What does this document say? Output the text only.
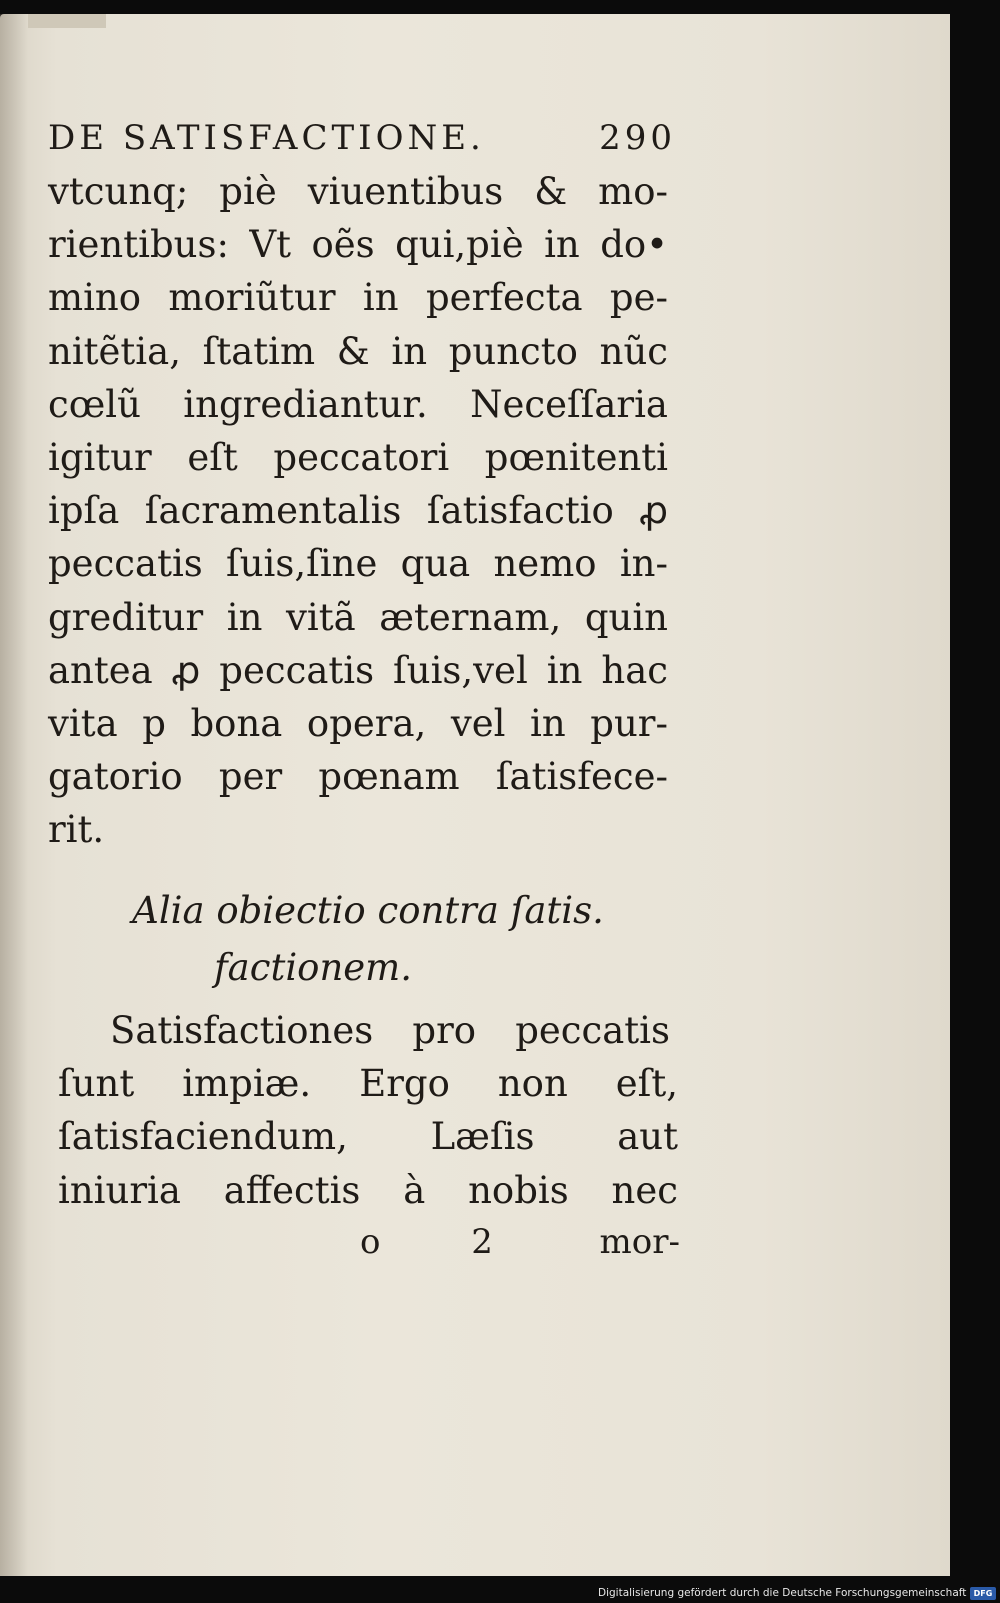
DE SATISFACTIONE.	290
vtcunq; piè viuentibus & mo-
rientibus: Vt oẽs qui,piè in do•
mino moriũtur in perfecta pe-
nitẽtia, ſtatim & in puncto nũc
cœlũ ingrediantur. Neceſſaria
igitur eſt peccatori pœnitenti
ipſa ſacramentalis ſatisfactio ꝓ
peccatis ſuis,ſine qua nemo in-
greditur in vitã æternam, quin
antea ꝓ peccatis ſuis,vel in hac
vita p bona opera, vel in pur-
gatorio per pœnam ſatisfece-
rit.
Alia obiectio contra ſatis.
factionem.
Satisfactiones pro peccatis
ſunt impiæ. Ergo non eſt,
ſatisfaciendum, Læſis aut
iniuria affectis à nobis nec
o 2 mor-
Digitalisierung gefördert durch die Deutsche Forschungsgemeinschaft DFG
